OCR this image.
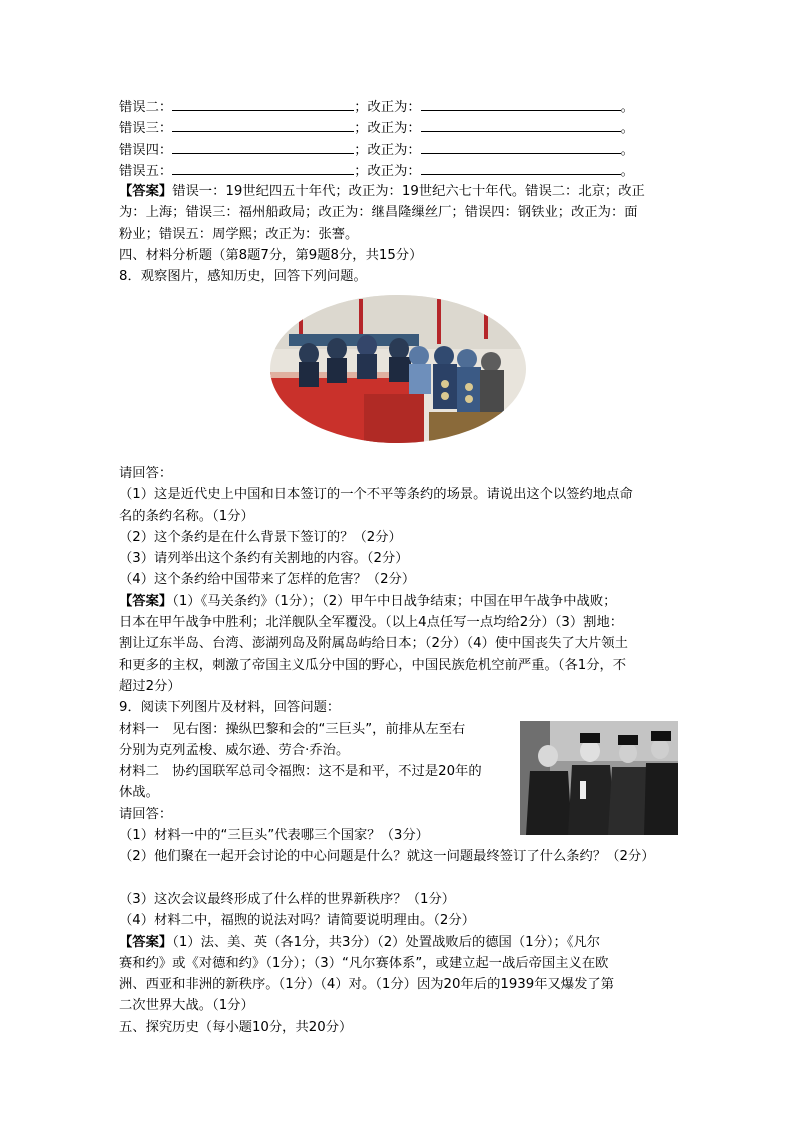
错误二：	；改正为：	。
错误三：	；改正为：	。
错误四：	；改正为：	。
错误五：	；改正为：	。
【答案】错误一：19世纪四五十年代；改正为：19世纪六七十年代。错误二：北京；改正
为：上海；错误三：福州船政局；改正为：继昌隆缫丝厂；错误四：钢铁业；改正为：面
粉业；错误五：周学熙；改正为：张謇。
四、材料分析题（第8题7分，第9题8分，共15分）
8．观察图片，感知历史，回答下列问题。
请回答：
（1）这是近代史上中国和日本签订的一个不平等条约的场景。请说出这个以签约地点命
名的条约名称。（1分）
（2）这个条约是在什么背景下签订的？（2分）
（3）请列举出这个条约有关割地的内容。（2分）
（4）这个条约给中国带来了怎样的危害？（2分）
【答案】（1）《马关条约》（1分）；（2）甲午中日战争结束；中国在甲午战争中战败；
日本在甲午战争中胜利；北洋舰队全军覆没。（以上4点任写一点均给2分）（3）割地：
割让辽东半岛、台湾、澎湖列岛及附属岛屿给日本；（2分）（4）使中国丧失了大片领土
和更多的主权，刺激了帝国主义瓜分中国的野心，中国民族危机空前严重。（各1分，不
超过2分）
9．阅读下列图片及材料，回答问题：
材料一　见右图：操纵巴黎和会的“三巨头”，前排从左至右
分别为克列孟梭、威尔逊、劳合·乔治。
材料二　协约国联军总司令福煦：这不是和平，不过是20年的
休战。
请回答：
（1）材料一中的“三巨头”代表哪三个国家？（3分）
（2）他们聚在一起开会讨论的中心问题是什么？就这一问题最终签订了什么条约？（2分）
（3）这次会议最终形成了什么样的世界新秩序？（1分）
（4）材料二中，福煦的说法对吗？请简要说明理由。（2分）
【答案】（1）法、美、英（各1分，共3分）（2）处置战败后的德国（1分）；《凡尔
赛和约》或《对德和约》（1分）；（3）“凡尔赛体系”，或建立起一战后帝国主义在欧
洲、西亚和非洲的新秩序。（1分）（4）对。（1分）因为20年后的1939年又爆发了第
二次世界大战。（1分）
五、探究历史（每小题10分，共20分）
